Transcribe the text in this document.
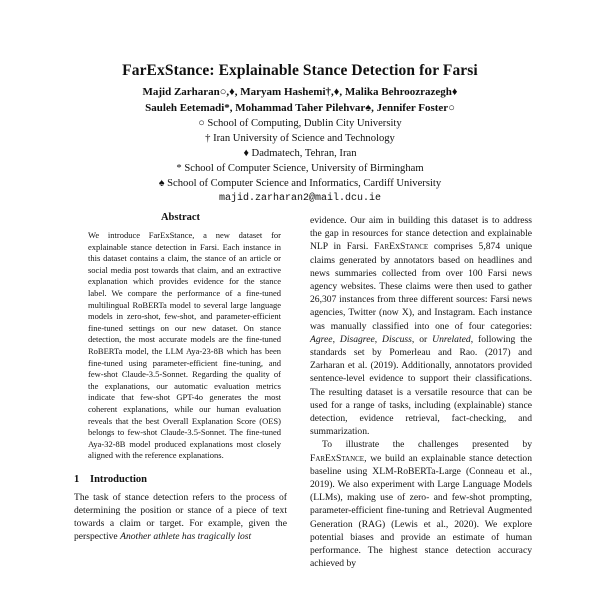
FarExStance: Explainable Stance Detection for Farsi
Majid Zarharan○,♦, Maryam Hashemi†,♦, Malika Behroozrazegh♦
Sauleh Eetemadi*, Mohammad Taher Pilehvar♠, Jennifer Foster○
○ School of Computing, Dublin City University
† Iran University of Science and Technology
♦ Dadmatech, Tehran, Iran
* School of Computer Science, University of Birmingham
♠ School of Computer Science and Informatics, Cardiff University
majid.zarharan2@mail.dcu.ie
Abstract
We introduce FarExStance, a new dataset for explainable stance detection in Farsi. Each instance in this dataset contains a claim, the stance of an article or social media post towards that claim, and an extractive explanation which provides evidence for the stance label. We compare the performance of a fine-tuned multilingual RoBERTa model to several large language models in zero-shot, few-shot, and parameter-efficient fine-tuned settings on our new dataset. On stance detection, the most accurate models are the fine-tuned RoBERTa model, the LLM Aya-23-8B which has been fine-tuned using parameter-efficient fine-tuning, and few-shot Claude-3.5-Sonnet. Regarding the quality of the explanations, our automatic evaluation metrics indicate that few-shot GPT-4o generates the most coherent explanations, while our human evaluation reveals that the best Overall Explanation Score (OES) belongs to few-shot Claude-3.5-Sonnet. The fine-tuned Aya-32-8B model produced explanations most closely aligned with the reference explanations.
1 Introduction
The task of stance detection refers to the process of determining the position or stance of a piece of text towards a claim or target. For example, given the perspective Another athlete has tragically lost

evidence. Our aim in building this dataset is to address the gap in resources for stance detection and explainable NLP in Farsi. FarExStance comprises 5,874 unique claims generated by annotators based on headlines and news summaries collected from over 100 Farsi news agency websites. These claims were then used to gather 26,307 instances from three different sources: Farsi news agencies, Twitter (now X), and Instagram. Each instance was manually classified into one of four categories: Agree, Disagree, Discuss, or Unrelated, following the standards set by Pomerleau and Rao. (2017) and Zarharan et al. (2019). Additionally, annotators provided sentence-level evidence to support their classifications. The resulting dataset is a versatile resource that can be used for a range of tasks, including (explainable) stance detection, evidence retrieval, fact-checking, and summarization.

To illustrate the challenges presented by FarExStance, we build an explainable stance detection baseline using XLM-RoBERTa-Large (Conneau et al., 2019). We also experiment with Large Language Models (LLMs), making use of zero- and few-shot prompting, parameter-efficient fine-tuning and Retrieval Augmented Generation (RAG) (Lewis et al., 2020). We explore potential biases and provide an estimate of human performance. The highest stance detection accuracy achieved by
